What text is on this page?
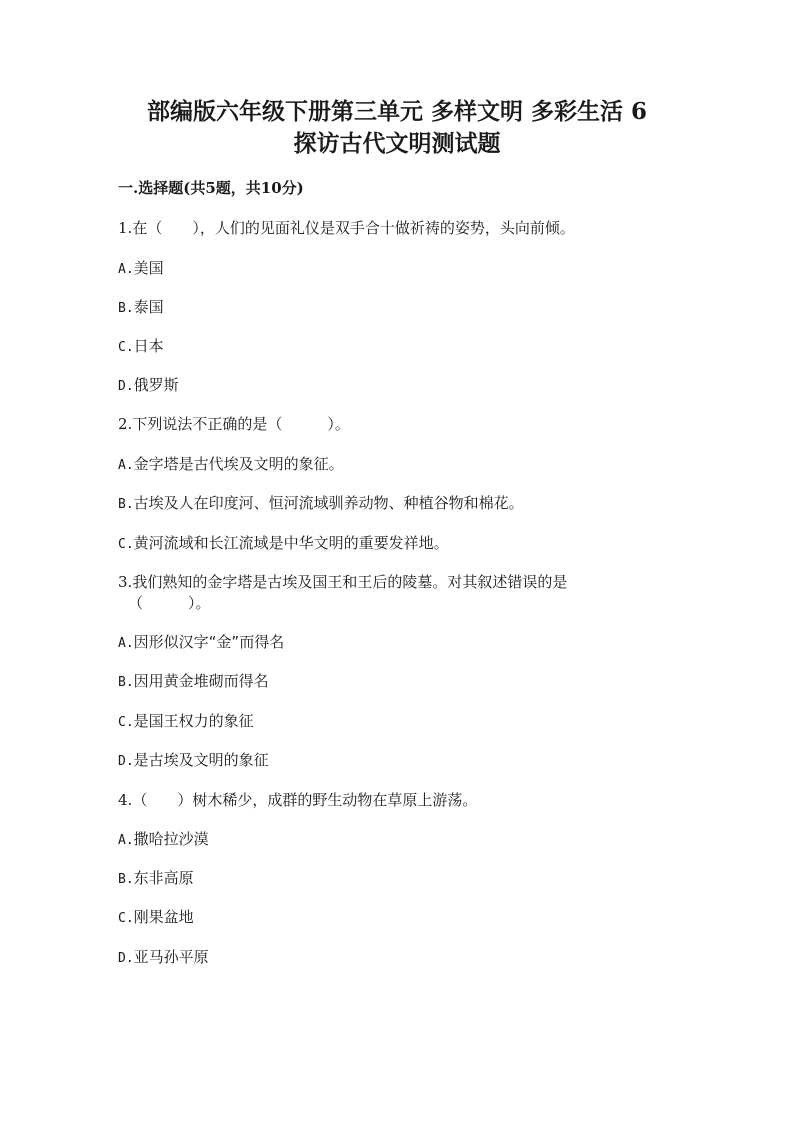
部编版六年级下册第三单元 多样文明 多彩生活 6
探访古代文明测试题
一.选择题(共5题，共10分)
1.在（　　），人们的见面礼仪是双手合十做祈祷的姿势，头向前倾。
A.美国
B.泰国
C.日本
D.俄罗斯
2.下列说法不正确的是（　　　）。
A.金字塔是古代埃及文明的象征。
B.古埃及人在印度河、恒河流域驯养动物、种植谷物和棉花。
C.黄河流域和长江流域是中华文明的重要发祥地。
3.我们熟知的金字塔是古埃及国王和王后的陵墓。对其叙述错误的是
（　　　）。
A.因形似汉字“金”而得名
B.因用黄金堆砌而得名
C.是国王权力的象征
D.是古埃及文明的象征
4.（　　）树木稀少，成群的野生动物在草原上游荡。
A.撒哈拉沙漠
B.东非高原
C.刚果盆地
D.亚马孙平原
